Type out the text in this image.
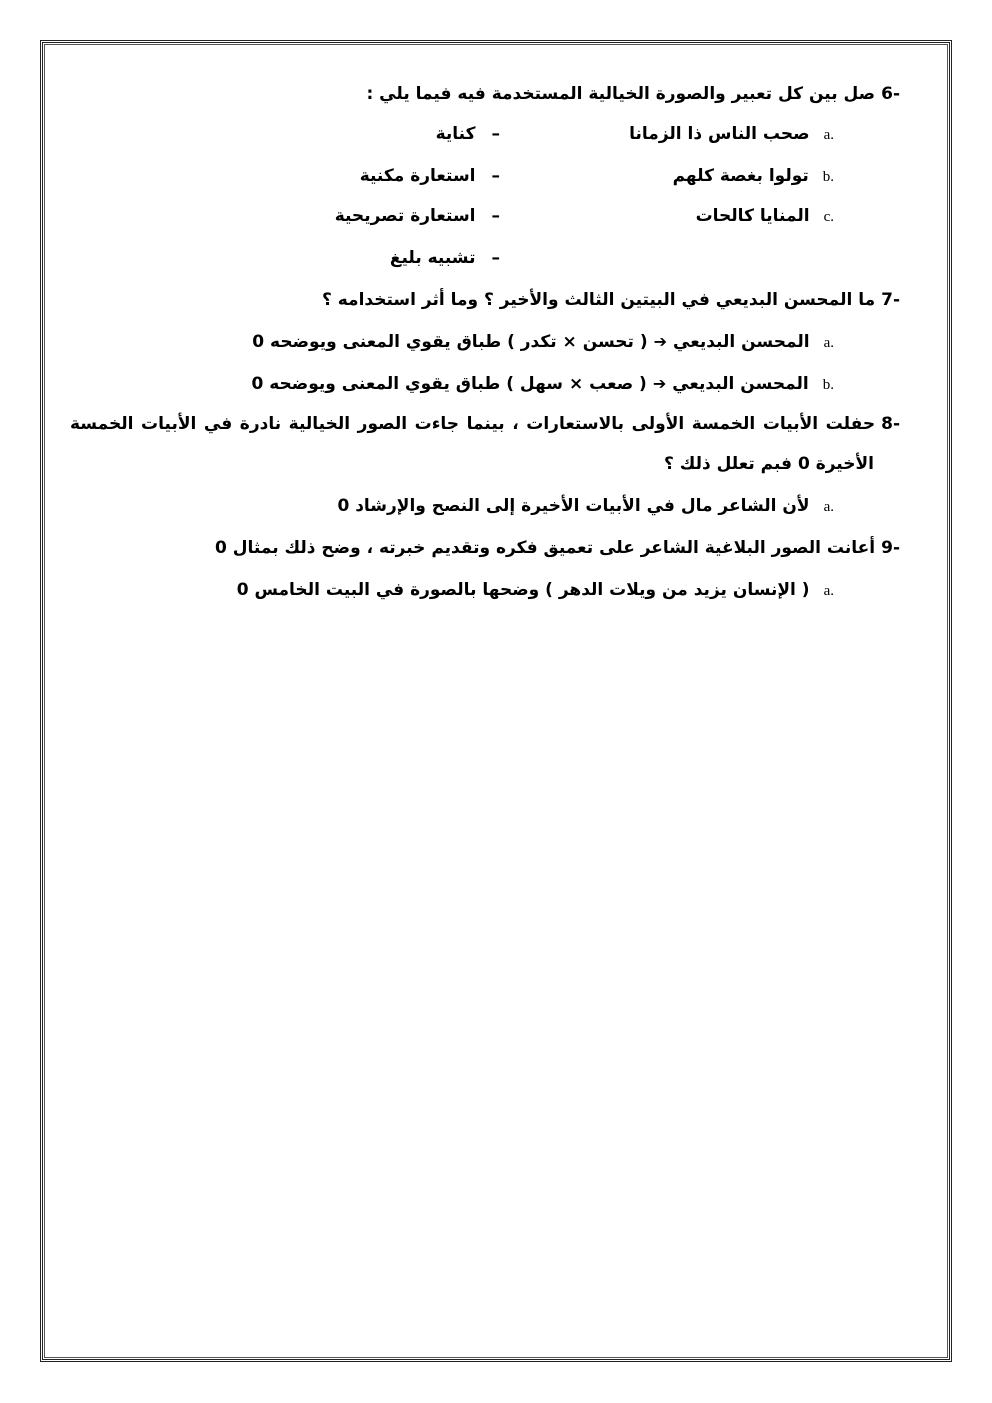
6-صل بين كل تعبير والصورة الخيالية المستخدمة فيه فيما يلي :
a.صحب الناس ذا الزمانا
–كناية
b.تولوا بغصة كلهم
–استعارة مكنية
c.المنايا كالحات
–استعارة تصريحية
–تشبيه بليغ
7-ما المحسن البديعي في البيتين الثالث والأخير ؟ وما أثر استخدامه ؟
a.المحسن البديعي➔( تحسن × تكدر ) طباق يقوي المعنى ويوضحه 0
b.المحسن البديعي➔( صعب × سهل ) طباق يقوي المعنى ويوضحه 0
8-حفلت الأبيات الخمسة الأولى بالاستعارات ، بينما جاءت الصور الخيالية نادرة في الأبيات الخمسة
الأخيرة 0 فبم تعلل ذلك ؟
a.لأن الشاعر مال في الأبيات الأخيرة إلى النصح والإرشاد 0
9-أعانت الصور البلاغية الشاعر على تعميق فكره وتقديم خبرته ، وضح ذلك بمثال 0
a.( الإنسان يزيد من ويلات الدهر ) وضحها بالصورة في البيت الخامس 0
